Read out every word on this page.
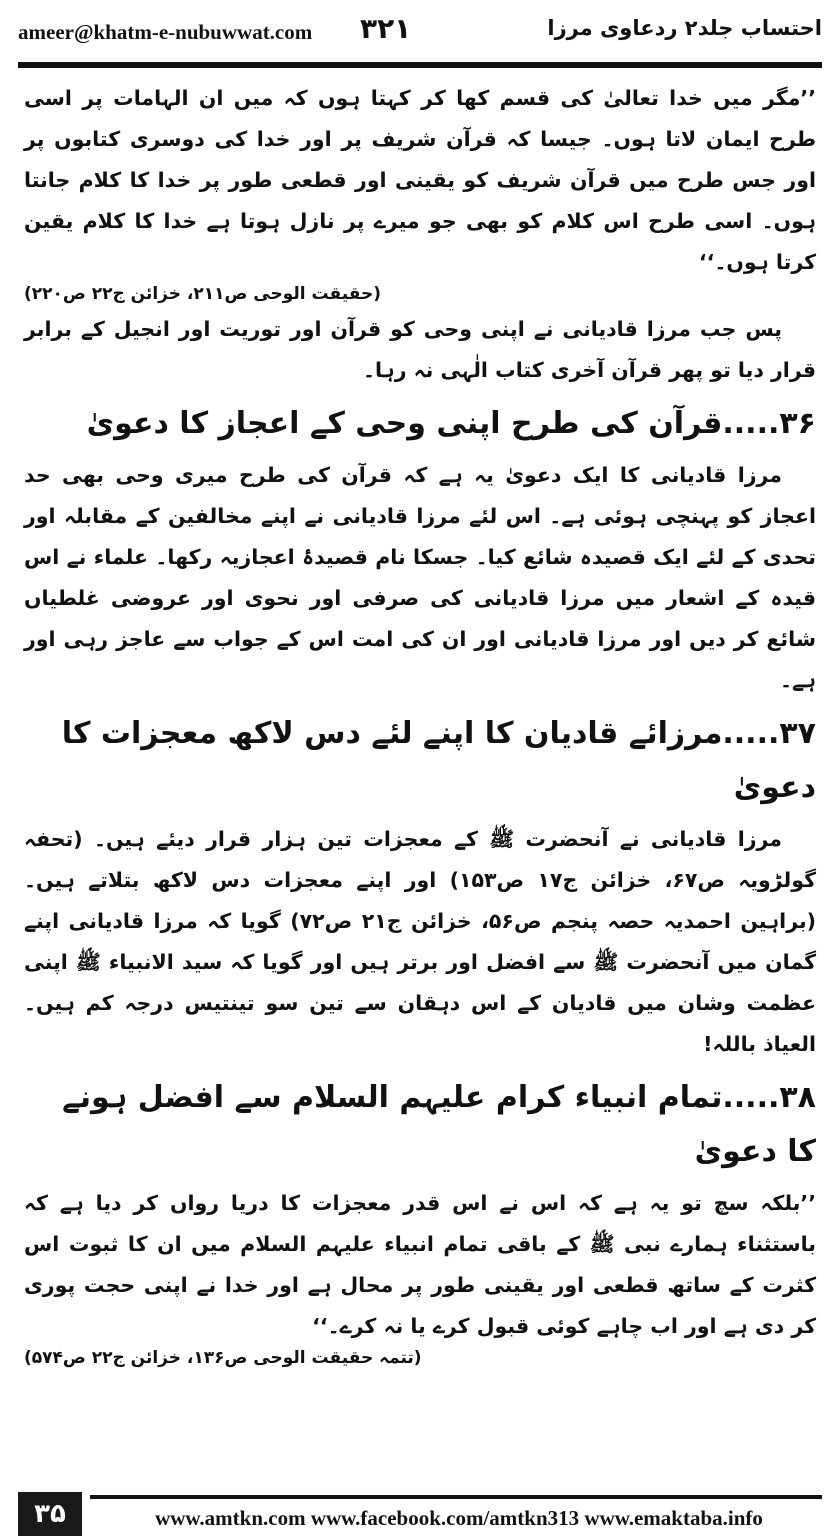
ameer@khatm-e-nubuwwat.com ۳۲۱	احتساب جلد۲ ردعاوی مرزا

’’مگر میں خدا تعالیٰ کی قسم کھا کر کہتا ہوں کہ میں ان الہامات پر اسی طرح ایمان لاتا ہوں۔ جیسا کہ قرآن شریف پر اور خدا کی دوسری کتابوں پر اور جس طرح میں قرآن شریف کو یقینی اور قطعی طور پر خدا کا کلام جانتا ہوں۔ اسی طرح اس کلام کو بھی جو میرے پر نازل ہوتا ہے خدا کا کلام یقین کرتا ہوں۔‘‘
(حقیقت الوحی ص۲۱۱، خزائن ج۲۲ ص۲۲۰)

پس جب مرزا قادیانی نے اپنی وحی کو قرآن اور توریت اور انجیل کے برابر قرار دیا تو پھر قرآن آخری کتاب الٰہی نہ رہا۔

۳۶.....قرآن کی طرح اپنی وحی کے اعجاز کا دعویٰ

مرزا قادیانی کا ایک دعویٰ یہ ہے کہ قرآن کی طرح میری وحی بھی حد اعجاز کو پہنچی ہوئی ہے۔ اس لئے مرزا قادیانی نے اپنے مخالفین کے مقابلہ اور تحدی کے لئے ایک قصیدہ شائع کیا۔ جسکا نام قصیدۂ اعجازیہ رکھا۔ علماء نے اس قیدہ کے اشعار میں مرزا قادیانی کی صرفی اور نحوی اور عروضی غلطیاں شائع کر دیں اور مرزا قادیانی اور ان کی امت اس کے جواب سے عاجز رہی اور ہے۔

۳۷.....مرزائے قادیان کا اپنے لئے دس لاکھ معجزات کا دعویٰ

مرزا قادیانی نے آنحضرت ﷺ کے معجزات تین ہزار قرار دیئے ہیں۔ (تحفہ گولڑویہ ص۶۷، خزائن ج۱۷ ص۱۵۳) اور اپنے معجزات دس لاکھ بتلاتے ہیں۔ (براہین احمدیہ حصہ پنجم ص۵۶، خزائن ج۲۱ ص۷۲) گویا کہ مرزا قادیانی اپنے گمان میں آنحضرت ﷺ سے افضل اور برتر ہیں اور گویا کہ سید الانبیاء ﷺ اپنی عظمت وشان میں قادیان کے اس دہقان سے تین سو تینتیس درجہ کم ہیں۔ العیاذ باللہ!

۳۸.....تمام انبیاء کرام علیہم السلام سے افضل ہونے کا دعویٰ

’’بلکہ سچ تو یہ ہے کہ اس نے اس قدر معجزات کا دریا رواں کر دیا ہے کہ باستثناء ہمارے نبی ﷺ کے باقی تمام انبیاء علیہم السلام میں ان کا ثبوت اس کثرت کے ساتھ قطعی اور یقینی طور پر محال ہے اور خدا نے اپنی حجت پوری کر دی ہے اور اب چاہے کوئی قبول کرے یا نہ کرے۔‘‘
(تتمہ حقیقت الوحی ص۱۳۶، خزائن ج۲۲ ص۵۷۴)

۳۵	www.amtkn.com www.facebook.com/amtkn313 www.emaktaba.info
